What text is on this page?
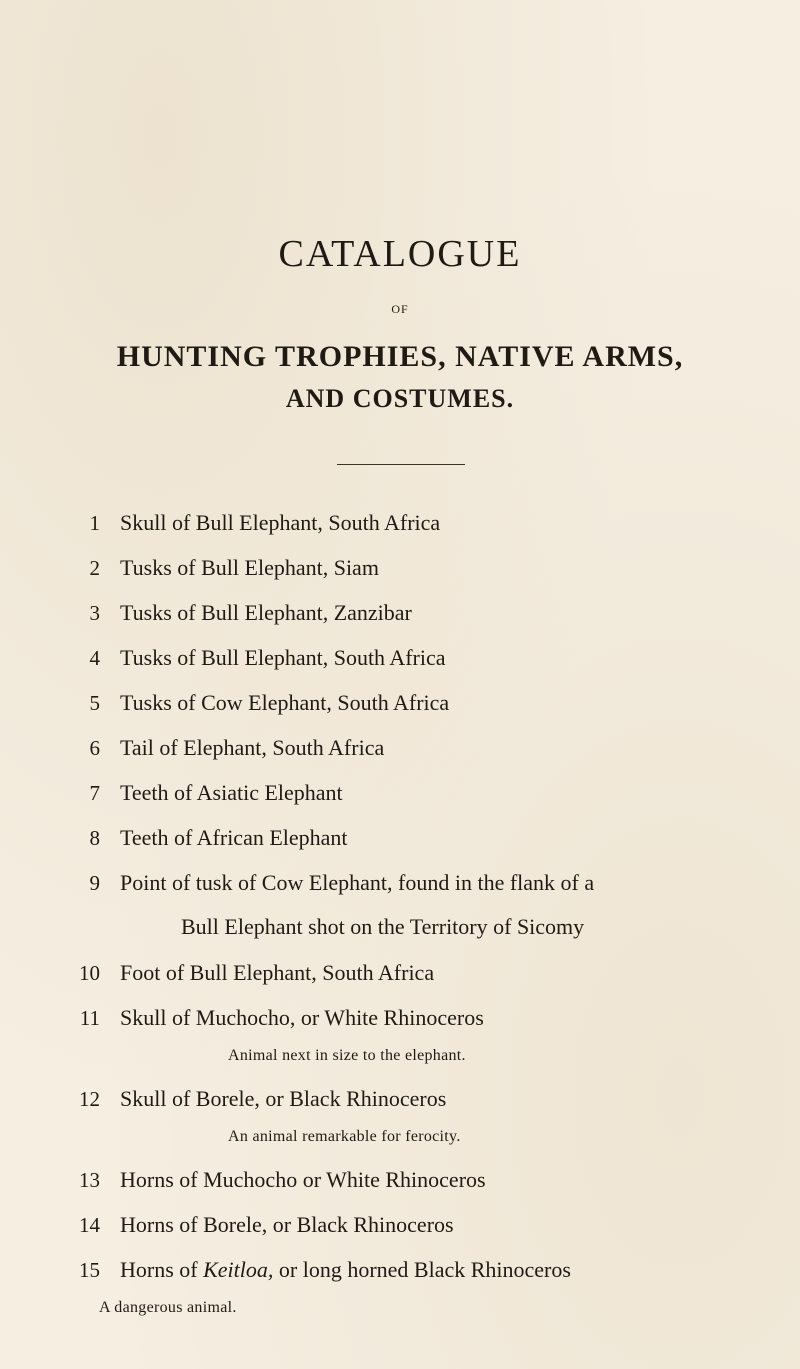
CATALOGUE
OF
HUNTING TROPHIES, NATIVE ARMS,
AND COSTUMES.
1 Skull of Bull Elephant, South Africa
2 Tusks of Bull Elephant, Siam
3 Tusks of Bull Elephant, Zanzibar
4 Tusks of Bull Elephant, South Africa
5 Tusks of Cow Elephant, South Africa
6 Tail of Elephant, South Africa
7 Teeth of Asiatic Elephant
8 Teeth of African Elephant
9 Point of tusk of Cow Elephant, found in the flank of a
Bull Elephant shot on the Territory of Sicomy
10 Foot of Bull Elephant, South Africa
11 Skull of Muchocho, or White Rhinoceros
Animal next in size to the elephant.
12 Skull of Borele, or Black Rhinoceros
An animal remarkable for ferocity.
13 Horns of Muchocho or White Rhinoceros
14 Horns of Borele, or Black Rhinoceros
15 Horns of Keitloa, or long horned Black Rhinoceros
A dangerous animal.
